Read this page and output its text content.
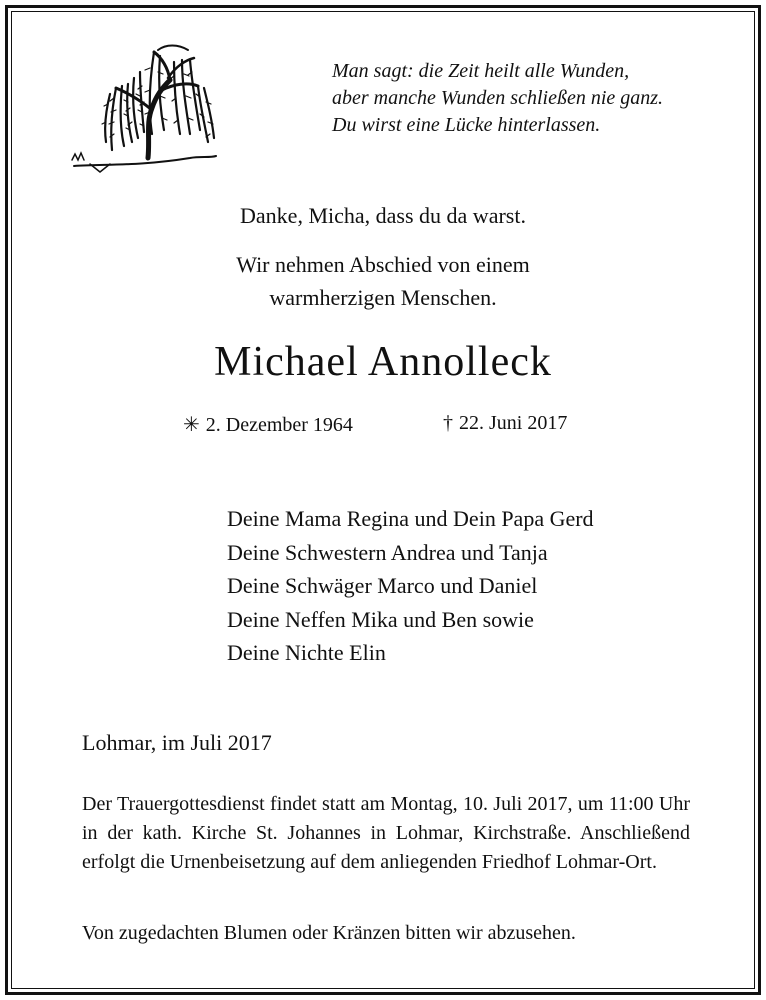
Man sagt: die Zeit heilt alle Wunden,
aber manche Wunden schließen nie ganz.
Du wirst eine Lücke hinterlassen.
Danke, Micha, dass du da warst.
Wir nehmen Abschied von einem
warmherzigen Menschen.
Michael Annolleck
✳ 2. Dezember 1964	† 22. Juni 2017
Deine Mama Regina und Dein Papa Gerd
Deine Schwestern Andrea und Tanja
Deine Schwäger Marco und Daniel
Deine Neffen Mika und Ben sowie
Deine Nichte Elin
Lohmar, im Juli 2017
Der Trauergottesdienst findet statt am Montag, 10. Juli 2017, um 11:00 Uhr in der kath. Kirche St. Johannes in Lohmar, Kirchstraße. Anschließend erfolgt die Urnenbeisetzung auf dem anliegenden Friedhof Lohmar-Ort.
Von zugedachten Blumen oder Kränzen bitten wir abzusehen.
